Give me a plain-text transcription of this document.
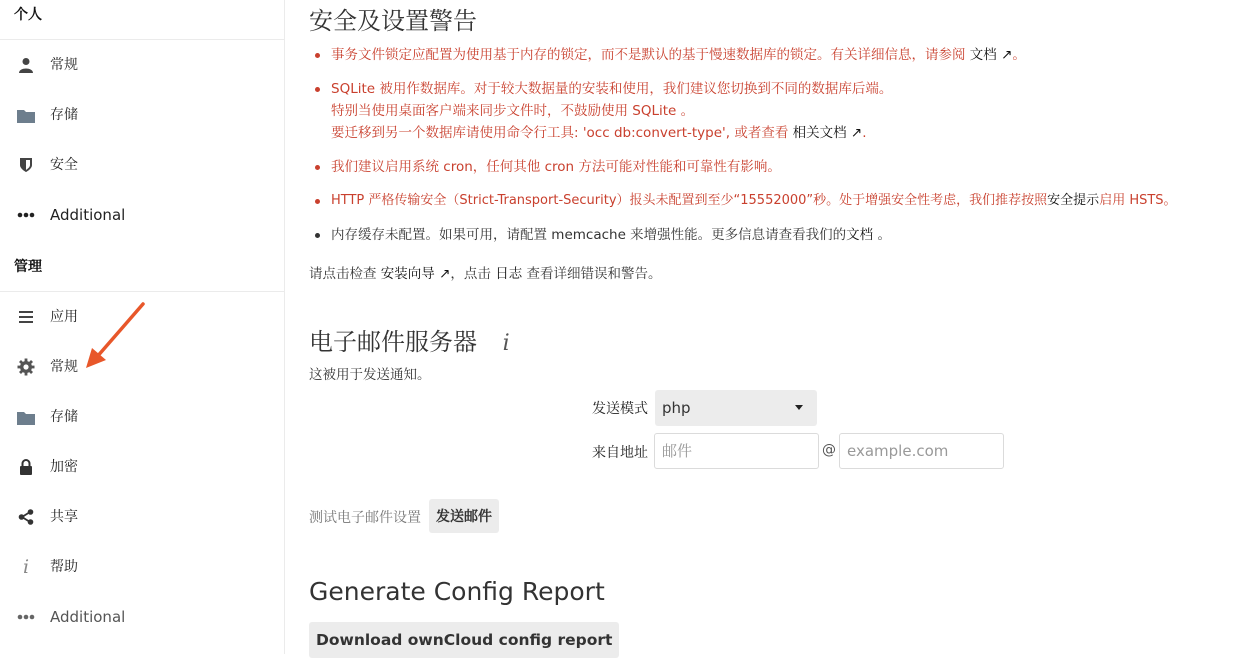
个人
常规
存储
安全
Additional
管理
应用
常规
存储
加密
共享
i 帮助
Additional
安全及设置警告
事务文件锁定应配置为使用基于内存的锁定，而不是默认的基于慢速数据库的锁定。有关详细信息，请参阅 文档 ↗。
SQLite 被用作数据库。对于较大数据量的安装和使用，我们建议您切换到不同的数据库后端。
特别当使用桌面客户端来同步文件时，不鼓励使用 SQLite 。
要迁移到另一个数据库请使用命令行工具: 'occ db:convert-type', 或者查看 相关文档 ↗.
我们建议启用系统 cron，任何其他 cron 方法可能对性能和可靠性有影响。
HTTP 严格传输安全（Strict-Transport-Security）报头未配置到至少“15552000”秒。处于增强安全性考虑，我们推荐按照安全提示启用 HSTS。
内存缓存未配置。如果可用，请配置 memcache 来增强性能。更多信息请查看我们的文档 。
请点击检查 安装向导 ↗，点击 日志 查看详细错误和警告。
电子邮件服务器 i
这被用于发送通知。
发送模式 php
来自地址
邮件	@
example.com
测试电子邮件设置	发送邮件
Generate Config Report
Download ownCloud config report
